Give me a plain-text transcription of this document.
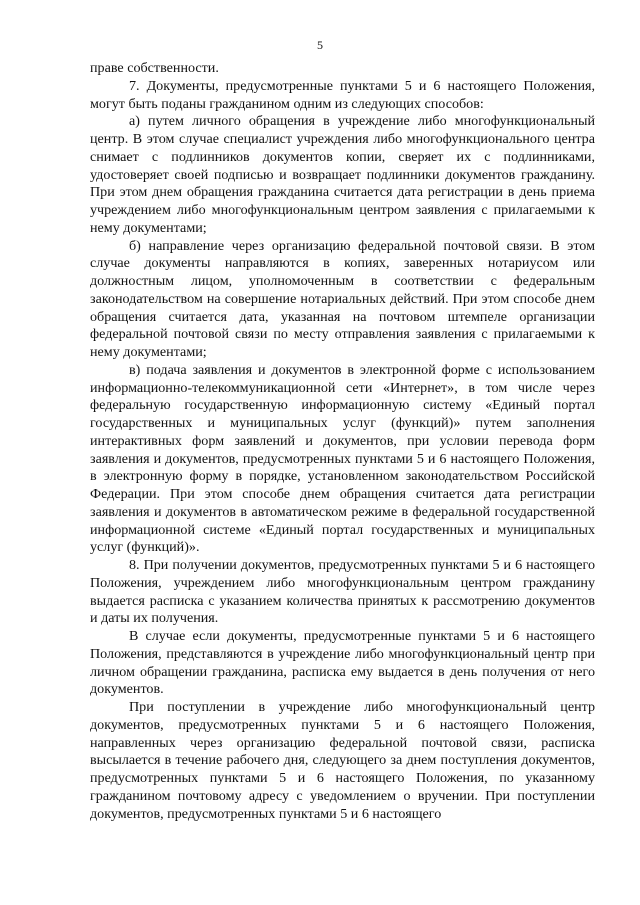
5

праве собственности.

7. Документы, предусмотренные пунктами 5 и 6 настоящего Положения, могут быть поданы гражданином одним из следующих способов:

а) путем личного обращения в учреждение либо многофункциональный центр. В этом случае специалист учреждения либо многофункционального центра снимает с подлинников документов копии, сверяет их с подлинниками, удостоверяет своей подписью и возвращает подлинники документов гражданину. При этом днем обращения гражданина считается дата регистрации в день приема учреждением либо многофункциональным центром заявления с прилагаемыми к нему документами;

б) направление через организацию федеральной почтовой связи. В этом случае документы направляются в копиях, заверенных нотариусом или должностным лицом, уполномоченным в соответствии с федеральным законодательством на совершение нотариальных действий. При этом способе днем обращения считается дата, указанная на почтовом штемпеле организации федеральной почтовой связи по месту отправления заявления с прилагаемыми к нему документами;

в) подача заявления и документов в электронной форме с использованием информационно-телекоммуникационной сети «Интернет», в том числе через федеральную государственную информационную систему «Единый портал государственных и муниципальных услуг (функций)» путем заполнения интерактивных форм заявлений и документов, при условии перевода форм заявления и документов, предусмотренных пунктами 5 и 6 настоящего Положения, в электронную форму в порядке, установленном законодательством Российской Федерации. При этом способе днем обращения считается дата регистрации заявления и документов в автоматическом режиме в федеральной государственной информационной системе «Единый портал государственных и муниципальных услуг (функций)».

8. При получении документов, предусмотренных пунктами 5 и 6 настоящего Положения, учреждением либо многофункциональным центром гражданину выдается расписка с указанием количества принятых к рассмотрению документов и даты их получения.

В случае если документы, предусмотренные пунктами 5 и 6 настоящего Положения, представляются в учреждение либо многофункциональный центр при личном обращении гражданина, расписка ему выдается в день получения от него документов.

При поступлении в учреждение либо многофункциональный центр документов, предусмотренных пунктами 5 и 6 настоящего Положения, направленных через организацию федеральной почтовой связи, расписка высылается в течение рабочего дня, следующего за днем поступления документов, предусмотренных пунктами 5 и 6 настоящего Положения, по указанному гражданином почтовому адресу с уведомлением о вручении. При поступлении документов, предусмотренных пунктами 5 и 6 настоящего
